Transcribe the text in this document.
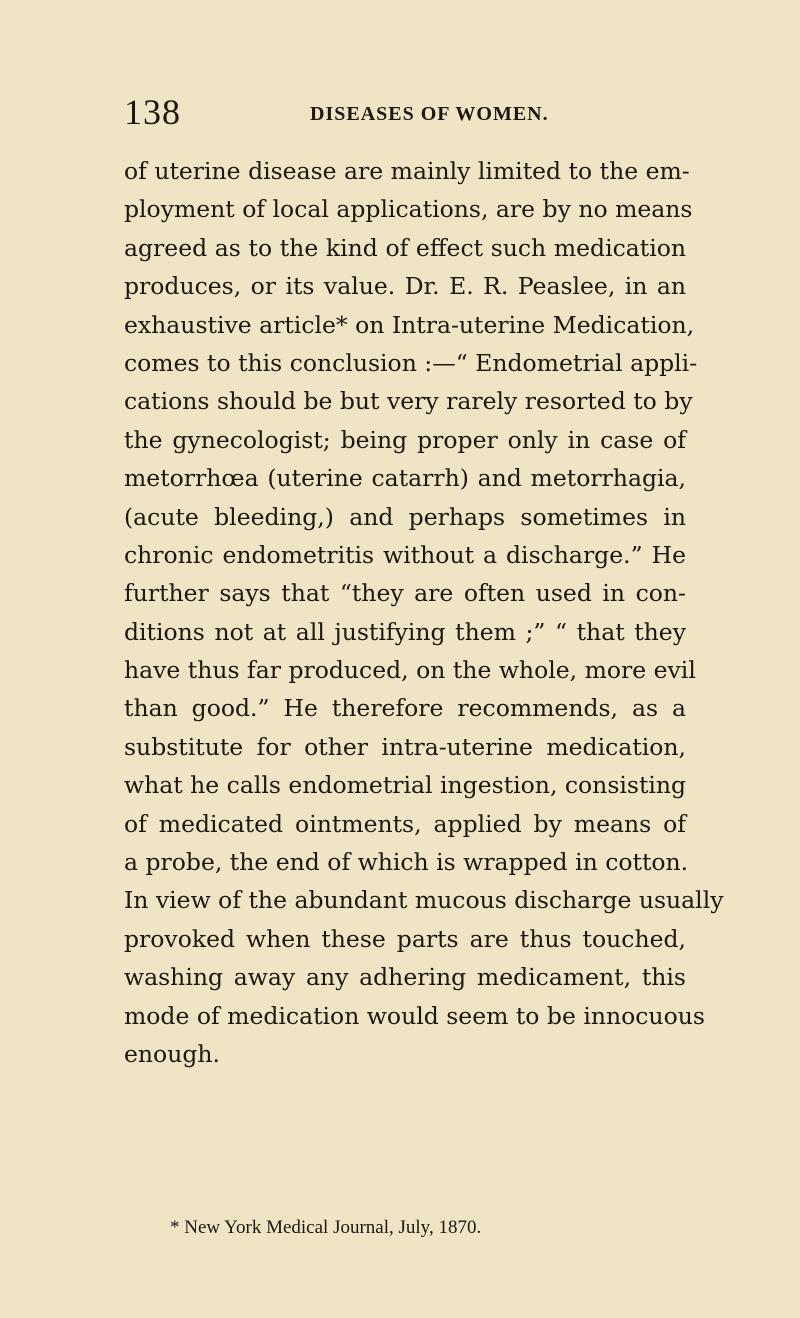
138	DISEASES OF WOMEN.
of uterine disease are mainly limited to the em-
ployment of local applications, are by no means
agreed as to the kind of effect such medication
produces, or its value. Dr. E. R. Peaslee, in an
exhaustive article* on Intra-uterine Medication,
comes to this conclusion :—“ Endometrial appli-
cations should be but very rarely resorted to by
the gynecologist; being proper only in case of
metorrhœa (uterine catarrh) and metorrhagia,
(acute bleeding,) and perhaps sometimes in
chronic endometritis without a discharge.” He
further says that “they are often used in con-
ditions not at all justifying them ;” “ that they
have thus far produced, on the whole, more evil
than good.” He therefore recommends, as a
substitute for other intra-uterine medication,
what he calls endometrial ingestion, consisting
of medicated ointments, applied by means of
a probe, the end of which is wrapped in cotton.
In view of the abundant mucous discharge usually
provoked when these parts are thus touched,
washing away any adhering medicament, this
mode of medication would seem to be innocuous
enough.
* New York Medical Journal, July, 1870.
